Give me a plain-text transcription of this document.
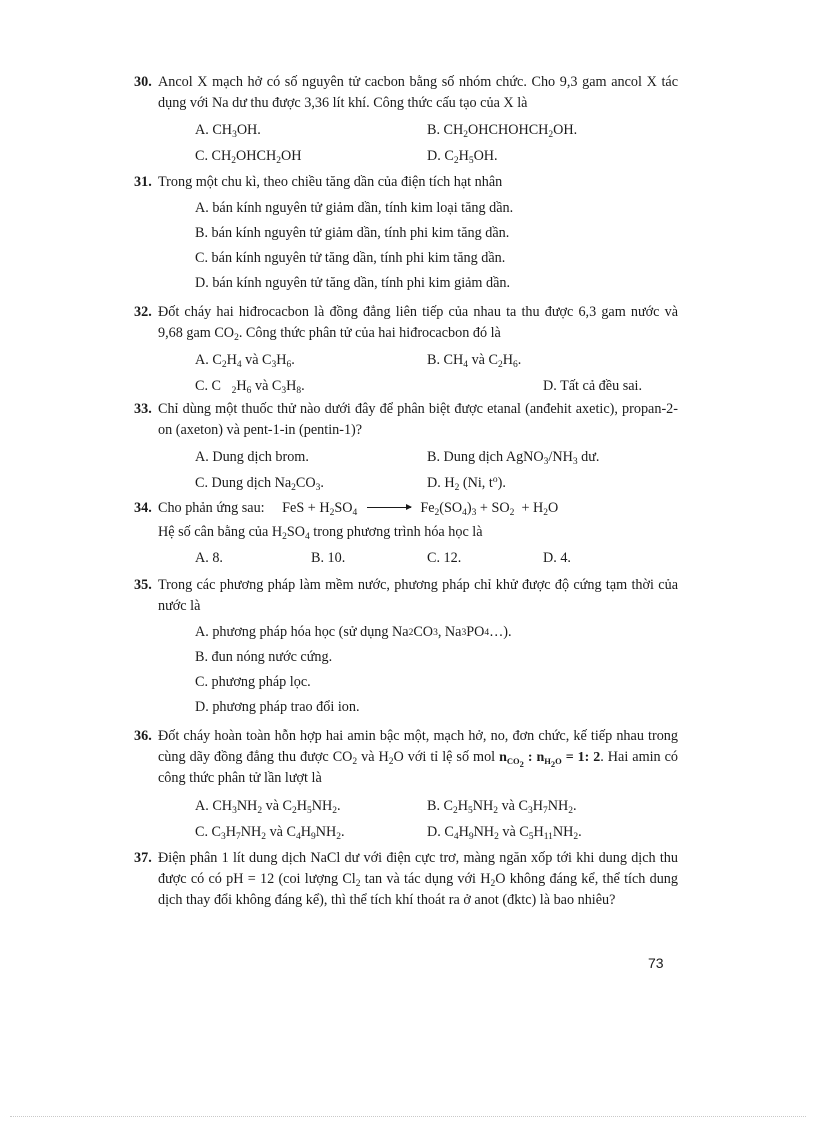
30. Ancol X mạch hở có số nguyên tử cacbon bằng số nhóm chức. Cho 9,3 gam ancol X tác dụng với Na dư thu được 3,36 lít khí. Công thức cấu tạo của X là
A. $CH_3OH$.	B. $CH_2OHCHOHCH_2OH$.
C. $CH_2OHCH_2OH$	D. $C_2H_5OH$.
31. Trong một chu kì, theo chiều tăng dần của điện tích hạt nhân
A. bán kính nguyên tử giảm dần, tính kim loại tăng dần.
B. bán kính nguyên tử giảm dần, tính phi kim tăng dần.
C. bán kính nguyên tử tăng dần, tính phi kim tăng dần.
D. bán kính nguyên tử tăng dần, tính phi kim giảm dần.
32. Đốt cháy hai hiđrocacbon là đồng đẳng liên tiếp của nhau ta thu được 6,3 gam nước và 9,68 gam $CO_2$. Công thức phân tử của hai hiđrocacbon đó là
A. $C_2H_4$ và $C_3H_6$.	B. $CH_4$ và $C_2H_6$.
C. C   $_2H_6$ và $C_3H_8$.	D. Tất cả đều sai.
33. Chỉ dùng một thuốc thử nào dưới đây để phân biệt được etanal (anđehit axetic), propan-2-on (axeton) và pent-1-in (pentin-1)?
A. Dung dịch brom.	B. Dung dịch $AgNO_3/NH_3$ dư.
C. Dung dịch $Na_2CO_3$.	D. $H_2$ (Ni, $t^o$).
34. Cho phản ứng sau: FeS + $H_2SO_4 \to Fe_2(SO_4)_3 + SO_2 + H_2O$
Hệ số cân bằng của $H_2SO_4$ trong phương trình hóa học là
A. 8.	B. 10.	C. 12.	D. 4.
35. Trong các phương pháp làm mềm nước, phương pháp chỉ khử được độ cứng tạm thời của nước là
A. phương pháp hóa học (sử dụng Na 2 CO 3 , Na 3 PO 4 …).
B. đun nóng nước cứng.
C. phương pháp lọc.
D. phương pháp trao đổi ion.
36. Đốt cháy hoàn toàn hỗn hợp hai amin bậc một, mạch hở, no, đơn chức, kế tiếp nhau trong cùng dãy đồng đẳng thu được $CO_2$ và $H_2O$ với tỉ lệ số mol $n_{CO_2}$ : $n_{H_2O} = 1$: 2. Hai amin có công thức phân tử lần lượt là
A. $CH_3NH_2$ và $C_2H_5NH_2$.	B. $C_2H_5NH_2$ và $C_3H_7NH_2$.
C. $C_3H_7NH_2$ và $C_4H_9NH_2$.	D. $C_4H_9NH_2$ và $C_5H_{11}NH_2$.
37. Điện phân 1 lít dung dịch NaCl dư với điện cực trơ, màng ngăn xốp tới khi dung dịch thu được có có pH = 12 (coi lượng $Cl_2$ tan và tác dụng với $H_2O$ không đáng kể, thể tích dung dịch thay đổi không đáng kể), thì thể tích khí thoát ra ở anot (đktc) là bao nhiêu?
73
